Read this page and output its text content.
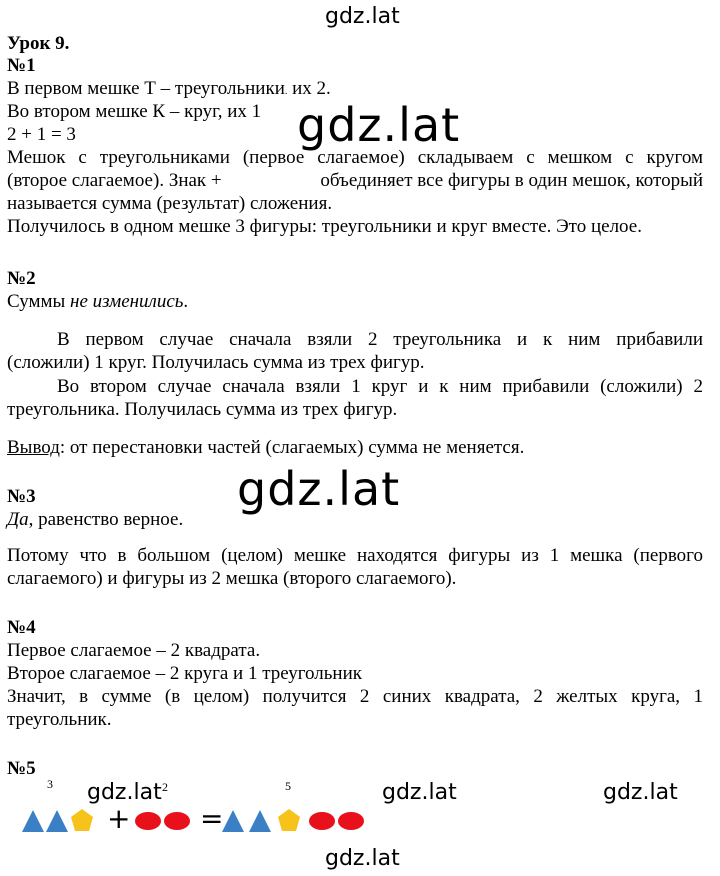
gdz.lat
gdz.lat
gdz.lat
gdz.lat	gdz.lat	gdz.lat
gdz.lat
Урок 9.
№1
В первом мешке Т – треугольники. их 2.
Во втором мешке К – круг, их 1
2 + 1 = 3
Мешок с треугольниками (первое слагаемое) складываем с мешком с кругом
(второе слагаемое). Знак +	объединяет все фигуры в один мешок, который
называется сумма (результат) сложения.
Получилось в одном мешке 3 фигуры: треугольники и круг вместе. Это целое.
№2
Суммы не изменились.
В первом случае сначала взяли 2 треугольника и к ним прибавили
(сложили) 1 круг. Получилась сумма из трех фигур.
Во втором случае сначала взяли 1 круг и к ним прибавили (сложили) 2
треугольника. Получилась сумма из трех фигур.
Вывод: от перестановки частей (слагаемых) сумма не меняется.
№3
Да, равенство верное.
Потому что в большом (целом) мешке находятся фигуры из 1 мешка (первого
слагаемого) и фигуры из 2 мешка (второго слагаемого).
№4
Первое слагаемое – 2 квадрата.
Второе слагаемое – 2 круга и 1 треугольник
Значит, в сумме (в целом) получится 2 синих квадрата, 2 желтых круга, 1
треугольник.
№5
3	2	5
+ =
